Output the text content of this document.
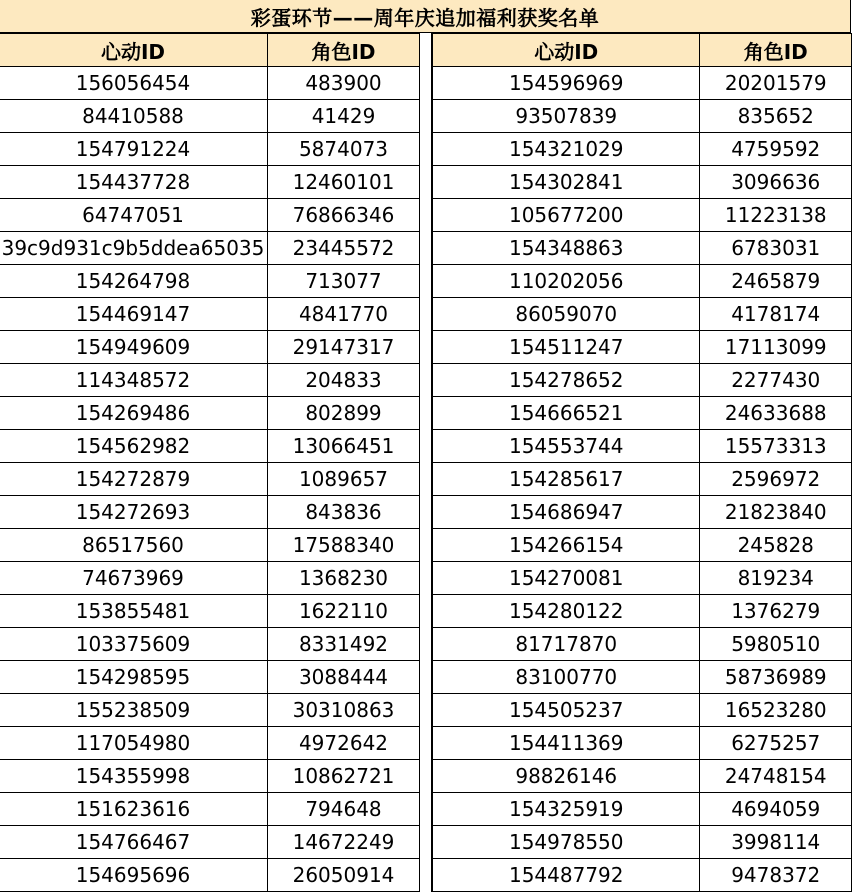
彩蛋环节——周年庆追加福利获奖名单
心动ID	角色ID
156056454	483900
84410588	41429
154791224	5874073
154437728	12460101
64747051	76866346
39c9d931c9b5ddea65035	23445572
154264798	713077
154469147	4841770
154949609	29147317
114348572	204833
154269486	802899
154562982	13066451
154272879	1089657
154272693	843836
86517560	17588340
74673969	1368230
153855481	1622110
103375609	8331492
154298595	3088444
155238509	30310863
117054980	4972642
154355998	10862721
151623616	794648
154766467	14672249
154695696	26050914
心动ID	角色ID
154596969	20201579
93507839	835652
154321029	4759592
154302841	3096636
105677200	11223138
154348863	6783031
110202056	2465879
86059070	4178174
154511247	17113099
154278652	2277430
154666521	24633688
154553744	15573313
154285617	2596972
154686947	21823840
154266154	245828
154270081	819234
154280122	1376279
81717870	5980510
83100770	58736989
154505237	16523280
154411369	6275257
98826146	24748154
154325919	4694059
154978550	3998114
154487792	9478372
